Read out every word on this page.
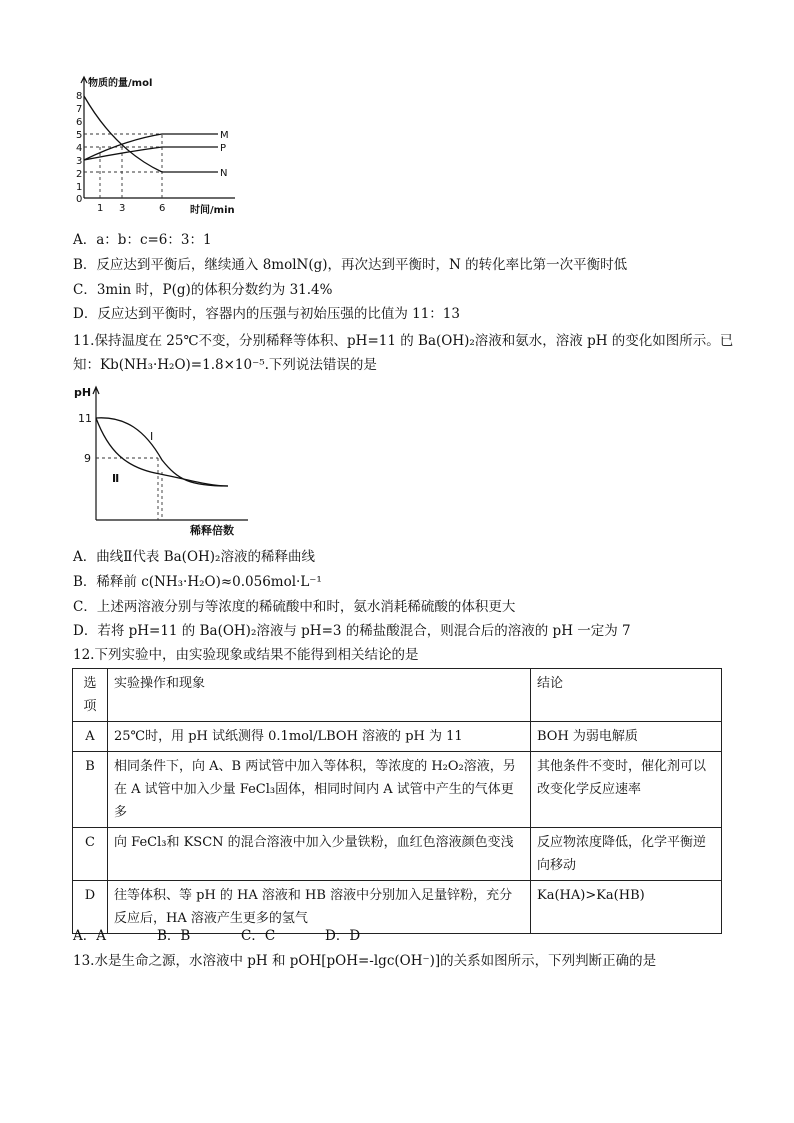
8
7
6
5
4
3
2
1
0
1 3	6
物质的量/mol
时间/min
M
P
N
A．a：b：c=6：3：1
B．反应达到平衡后，继续通入 8molN(g)，再次达到平衡时，N 的转化率比第一次平衡时低
C．3min 时，P(g)的体积分数约为 31.4%
D．反应达到平衡时，容器内的压强与初始压强的比值为 11：13
11.保持温度在 25℃不变，分别稀释等体积、pH=11 的 Ba(OH)₂溶液和氨水，溶液 pH 的变化如图所示。已
知：Kb(NH₃·H₂O)=1.8×10⁻⁵.下列说法错误的是
pH
11
9
I
Ⅱ
稀释倍数
A．曲线Ⅱ代表 Ba(OH)₂溶液的稀释曲线
B．稀释前 c(NH₃·H₂O)≈0.056mol·L⁻¹
C．上述两溶液分别与等浓度的稀硫酸中和时，氨水消耗稀硫酸的体积更大
D．若将 pH=11 的 Ba(OH)₂溶液与 pH=3 的稀盐酸混合，则混合后的溶液的 pH 一定为 7
12.下列实验中，由实验现象或结果不能得到相关结论的是
选项	实验操作和现象	结论
A	25℃时，用 pH 试纸测得 0.1mol/LBOH 溶液的 pH 为 11	BOH 为弱电解质
B	相同条件下，向 A、B 两试管中加入等体积，等浓度的 H₂O₂溶液，另在 A 试管中加入少量 FeCl₃固体，相同时间内 A 试管中产生的气体更多	其他条件不变时，催化剂可以改变化学反应速率
C	向 FeCl₃和 KSCN 的混合溶液中加入少量铁粉，血红色溶液颜色变浅	反应物浓度降低，化学平衡逆向移动
D	往等体积、等 pH 的 HA 溶液和 HB 溶液中分别加入足量锌粉，充分反应后，HA 溶液产生更多的氢气	Ka(HA)>Ka(HB)
A．A	B．B	C．C	D．D
13.水是生命之源，水溶液中 pH 和 pOH[pOH=-lgc(OH⁻)]的关系如图所示，下列判断正确的是
